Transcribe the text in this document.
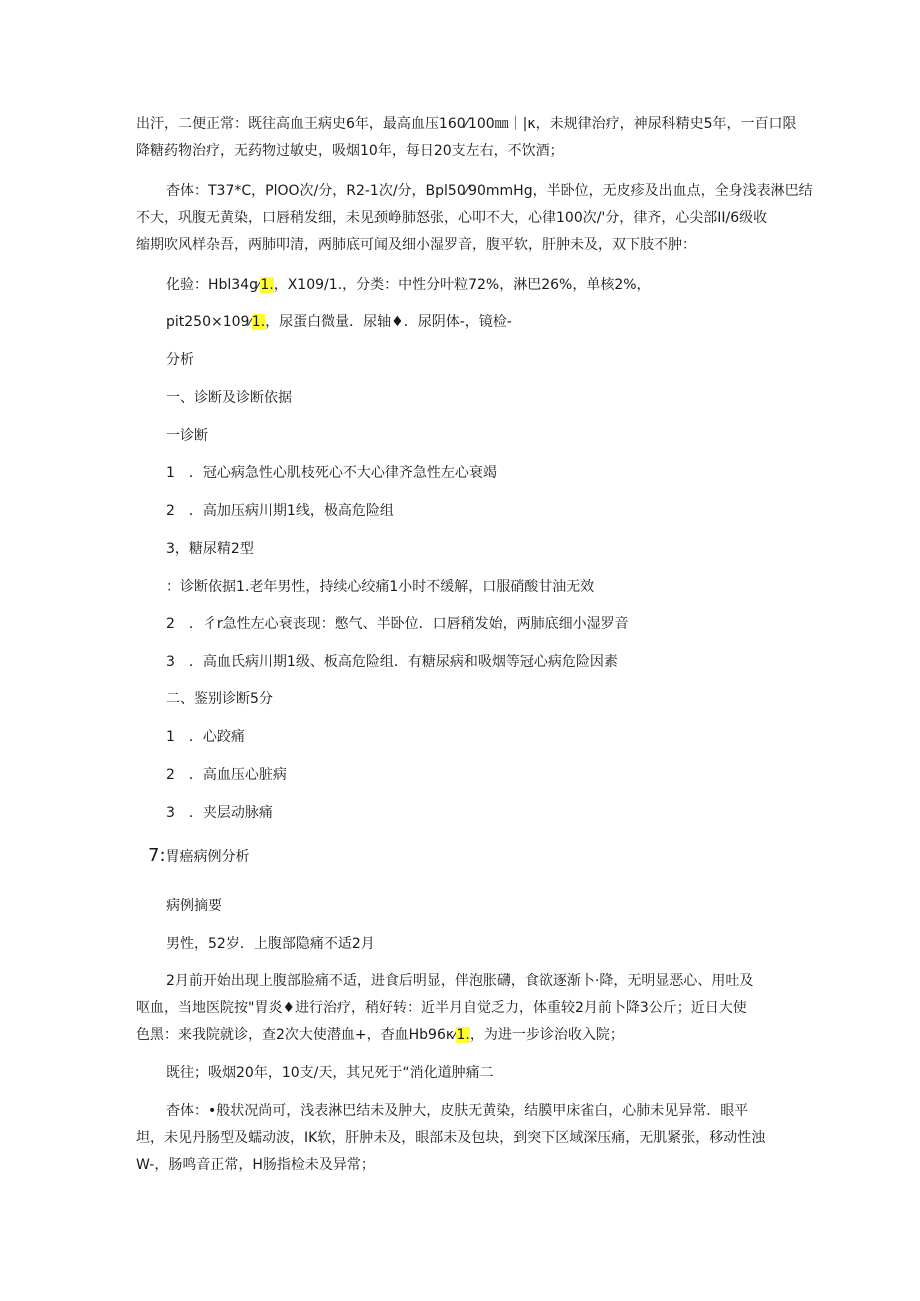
出汗，二便正常：既往高血王病史6年，最高血压160⁄100㎜｜|κ，未规律治疗，神尿科精史5年，一百口限
降糖药物治疗，无药物过敏史，吸烟10年，每日20支左右，不饮酒；
杳体：T37*C，PlOO次/分，R2-1次/分，Bpl50⁄90mmHg，半卧位，无皮疹及出血点，全身浅表淋巴结
不大，巩腹无黄染，口唇稍发细，未见颈峥肺怒张，心叩不大，心律100次/'分，律齐，心尖部II/6级收
缩期吹风样杂吾，两肺叩清，两肺底可闻及细小湿罗音，腹平软，肝肿未及，双下肢不肿：
化验：Hbl34g⁄1.，X109/1.，分类：中性分叶粒72%，淋巴26%，单核2%，
pit250×109⁄1.，尿蛋白微量．尿轴♦．尿阴体-，镜检-
分析
一、诊断及诊断依据
一诊断
1　．冠心病急性心肌枝死心不大心律齐急性左心衰竭
2　．高加压病川期1线，极高危险组
3，糖尿精2型
：诊断依据1.老年男性，持续心绞痛1小时不缓解，口服硝酸甘油无效
2　．彳r急性左心衰丧现：憋气、半卧位．口唇稍发始，两肺底细小湿罗音
3　．高血氏病川期1级、板高危险组．有糖尿病和吸烟等冠心病危险因素
二、鉴别诊断5分
1　．心跤痛
2　．高血压心脏病
3　．夹层动脉痛
7:胃癌病例分析
病例摘要
男性，52岁．上腹部隐痛不适2月
2月前开始出现上腹部脸痛不适，进食后明显，伴泡胀礴，食欲逐渐卜·降，无明显恶心、用吐及
呕血，当地医院按"胃炎♦进行治疗，稍好转：近半月自觉乏力，体重较2月前卜降3公斤；近日大使
色黑：来我院就诊，查2次大使潜血+，杳血Hb96κ⁄1.，为进一步诊治收入院；
既往；吸烟20年，10支/天，其兄死于“消化道肿痛二
杳体：•般状况尚可，浅表淋巴结未及肿大，皮肤无黄染，结膜甲床雀白，心肺未见异常．眼平
坦，未见丹肠型及蠕动波，IK软，肝肿未及，眼部未及包块，到突下区域深压痛，无肌紧张，移动性浊
W-，肠鸣音正常，H肠指检未及异常；
